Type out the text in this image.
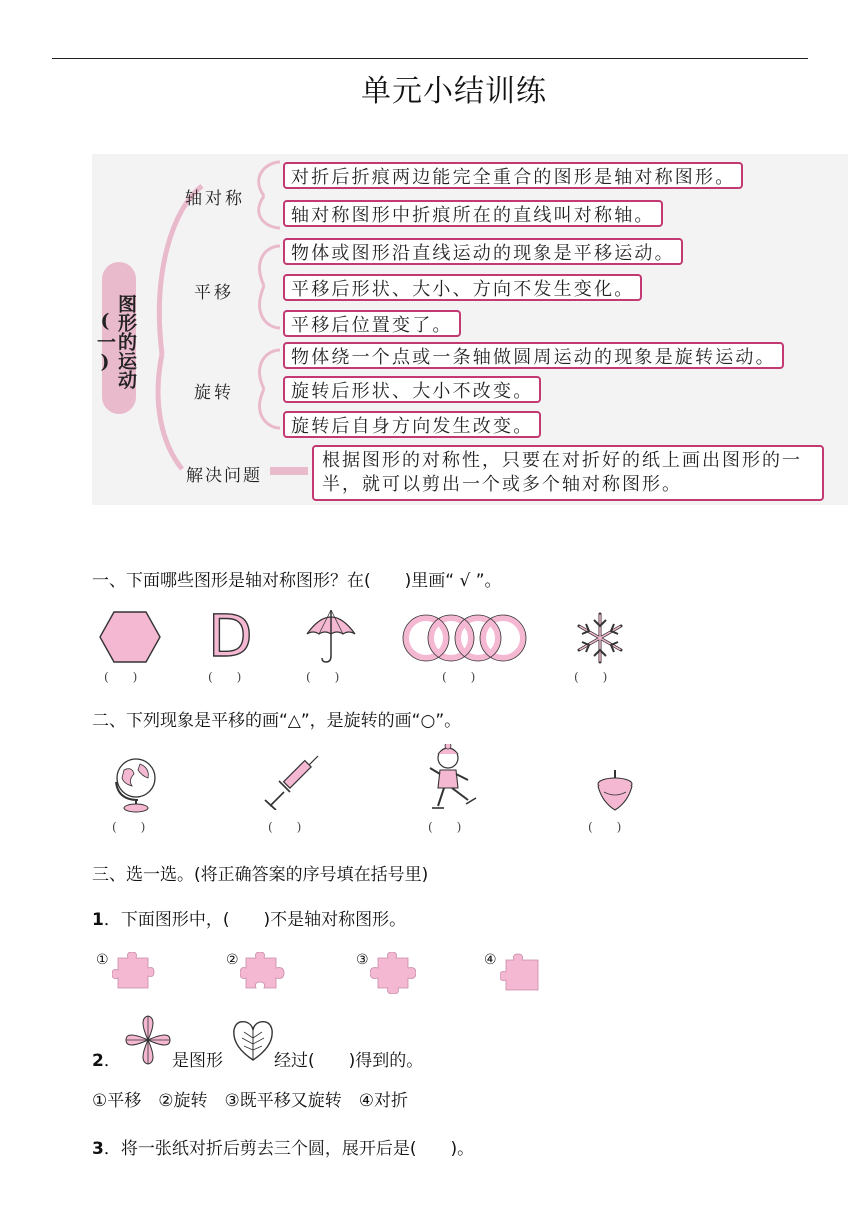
单元小结训练
图形的运动(一)
轴对称
对折后折痕两边能完全重合的图形是轴对称图形。
轴对称图形中折痕所在的直线叫对称轴。
平移
物体或图形沿直线运动的现象是平移运动。
平移后形状、大小、方向不发生变化。
平移后位置变了。
旋转
物体绕一个点或一条轴做圆周运动的现象是旋转运动。
旋转后形状、大小不改变。
旋转后自身方向发生改变。
解决问题
根据图形的对称性，只要在对折好的纸上画出图形的一半，就可以剪出一个或多个轴对称图形。
一、下面哪些图形是轴对称图形？在(　　)里画“ √ ”。
D
(　　)	(　　)	(　　)	(　　)	(　　)
二、下列现象是平移的画“△”，是旋转的画“○”。
(　　)	(　　)	(　　)	(　　)
三、选一选。(将正确答案的序号填在括号里)
1．下面图形中，(　　)不是轴对称图形。
①	②	③	④
2．	是图形	经过(　　)得到的。
①平移　②旋转　③既平移又旋转　④对折
3．将一张纸对折后剪去三个圆，展开后是(　　)。
